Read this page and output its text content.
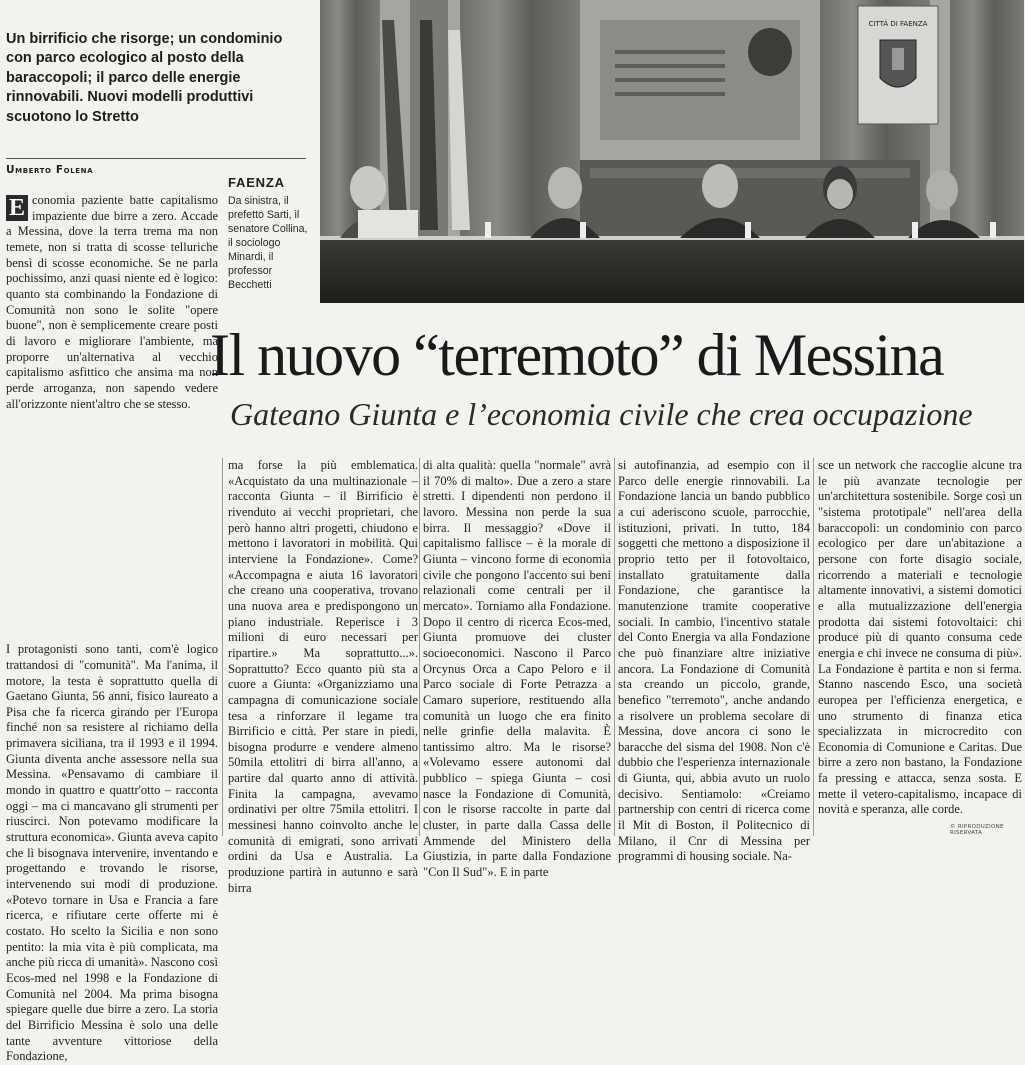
Un birrificio che risorge; un condominio con parco ecologico al posto della baraccopoli; il parco delle energie rinnovabili. Nuovi modelli produttivi scuotono lo Stretto
Umberto Folena
CITTÀ DI FAENZA
FAENZA
Da sinistra, il prefetto Sarti, il senatore Collina, il sociologo Minardi, il professor Becchetti
Il nuovo “terremoto” di Messina
Gateano Giunta e l’economia civile che crea occupazione
E conomia paziente batte capitalismo impaziente due birre a zero. Accade a Messina, dove la terra trema ma non temete, non si tratta di scosse telluriche bensì di scosse economiche. Se ne parla pochissimo, anzi quasi niente ed è logico: quanto sta combinando la Fondazione di Comunità non sono le solite "opere buone", non è semplicemente creare posti di lavoro e migliorare l'ambiente, ma proporre un'alternativa al vecchio capitalismo asfittico che ansima ma non perde arroganza, non sapendo vedere all'orizzonte nient'altro che se stesso.

I protagonisti sono tanti, com'è logico trattandosi di "comunità". Ma l'anima, il motore, la testa è soprattutto quella di Gaetano Giunta, 56 anni, fisico laureato a Pisa che fa ricerca girando per l'Europa finché non sa resistere al richiamo della primavera siciliana, tra il 1993 e il 1994. Giunta diventa anche assessore nella sua Messina. «Pensavamo di cambiare il mondo in quattro e quattr'otto – racconta oggi – ma ci mancavano gli strumenti per riuscirci. Non potevamo modificare la struttura economica». Giunta aveva capito che lì bisognava intervenire, inventando e progettando e trovando le risorse, intervenendo sui modi di produzione. «Potevo tornare in Usa e Francia a fare ricerca, e rifiutare certe offerte mi è costato. Ho scelto la Sicilia e non sono pentito: la mia vita è più complicata, ma anche più ricca di umanità». Nascono così Ecos-med nel 1998 e la Fondazione di Comunità nel 2004. Ma prima bisogna spiegare quelle due birre a zero. La storia del Birrificio Messina è solo una delle tante avventure vittoriose della Fondazione,

ma forse la più emblematica. «Acquistato da una multinazionale – racconta Giunta – il Birrificio è rivenduto ai vecchi proprietari, che però hanno altri progetti, chiudono e mettono i lavoratori in mobilità. Qui interviene la Fondazione». Come? «Accompagna e aiuta 16 lavoratori che creano una cooperativa, trovano una nuova area e predispongono un piano industriale. Reperisce i 3 milioni di euro necessari per ripartire.» Ma soprattutto...». Soprattutto? Ecco quanto più sta a cuore a Giunta: «Organizziamo una campagna di comunicazione sociale tesa a rinforzare il legame tra Birrificio e città. Per stare in piedi, bisogna produrre e vendere almeno 50mila ettolitri di birra all'anno, a partire dal quarto anno di attività. Finita la campagna, avevamo ordinativi per oltre 75mila ettolitri. I messinesi hanno coinvolto anche le comunità di emigrati, sono arrivati ordini da Usa e Australia. La produzione partirà in autunno e sarà birra

di alta qualità: quella "normale" avrà il 70% di malto». Due a zero a stare stretti. I dipendenti non perdono il lavoro. Messina non perde la sua birra. Il messaggio? «Dove il capitalismo fallisce – è la morale di Giunta – vincono forme di economia civile che pongono l'accento sui beni relazionali come centrali per il mercato». Torniamo alla Fondazione. Dopo il centro di ricerca Ecos-med, Giunta promuove dei cluster socioeconomici. Nascono il Parco Orcynus Orca a Capo Peloro e il Parco sociale di Forte Petrazza a Camaro superiore, restituendo alla comunità un luogo che era finito nelle grinfie della malavita. È tantissimo altro. Ma le risorse? «Volevamo essere autonomi dal pubblico – spiega Giunta – così nasce la Fondazione di Comunità, con le risorse raccolte in parte dal cluster, in parte dalla Cassa delle Ammende del Ministero della Giustizia, in parte dalla Fondazione "Con Il Sud"». E in parte

si autofinanzia, ad esempio con il Parco delle energie rinnovabili. La Fondazione lancia un bando pubblico a cui aderiscono scuole, parrocchie, istituzioni, privati. In tutto, 184 soggetti che mettono a disposizione il proprio tetto per il fotovoltaico, installato gratuitamente dalla Fondazione, che garantisce la manutenzione tramite cooperative sociali. In cambio, l'incentivo statale del Conto Energia va alla Fondazione che può finanziare altre iniziative ancora. La Fondazione di Comunità sta creando un piccolo, grande, benefico "terremoto", anche andando a risolvere un problema secolare di Messina, dove ancora ci sono le baracche del sisma del 1908. Non c'è dubbio che l'esperienza internazionale di Giunta, qui, abbia avuto un ruolo decisivo. Sentiamolo: «Creiamo partnership con centri di ricerca come il Mit di Boston, il Politecnico di Milano, il Cnr di Messina per programmi di housing sociale. Na-

sce un network che raccoglie alcune tra le più avanzate tecnologie per un'architettura sostenibile. Sorge così un "sistema prototipale" nell'area della baraccopoli: un condominio con parco ecologico per dare un'abitazione a persone con forte disagio sociale, ricorrendo a materiali e tecnologie altamente innovativi, a sistemi domotici e alla mutualizzazione dell'energia prodotta dai sistemi fotovoltaici: chi produce più di quanto consuma cede energia e chi invece ne consuma di più». La Fondazione è partita e non si ferma. Stanno nascendo Esco, una società europea per l'efficienza energetica, e uno strumento di finanza etica specializzata in microcredito con Economia di Comunione e Caritas. Due birre a zero non bastano, la Fondazione fa pressing e attacca, senza sosta. E mette il vetero-capitalismo, incapace di novità e speranza, alle corde.

© RIPRODUZIONE RISERVATA
